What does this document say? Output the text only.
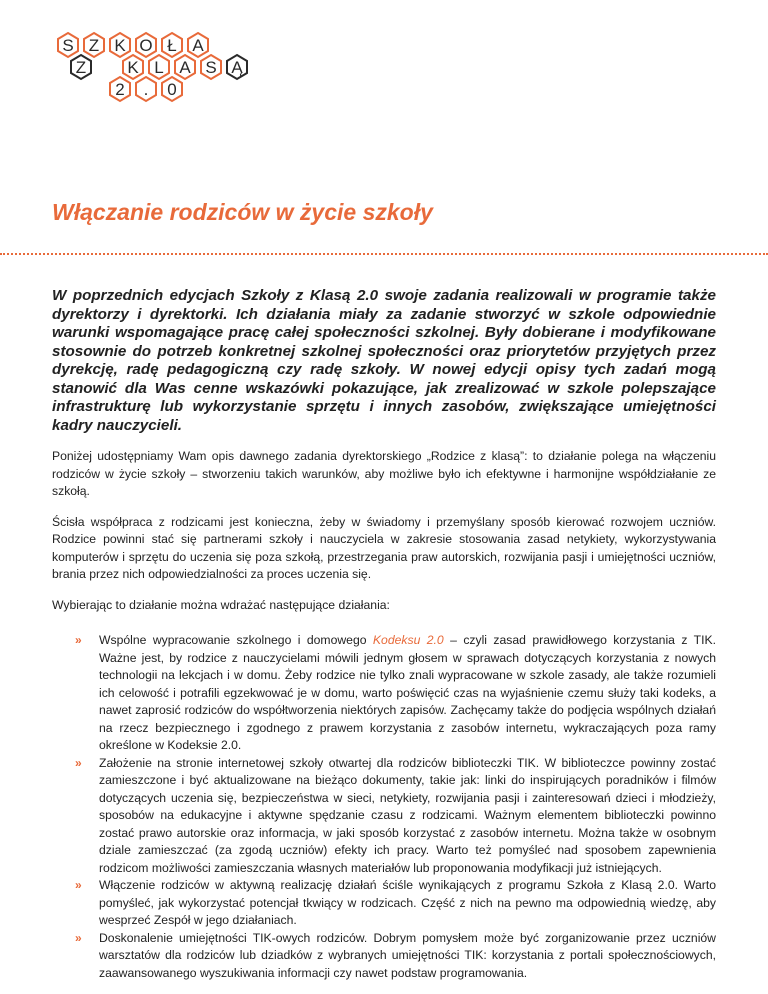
S Z K O Ł A
Z K L A S Ą
2 . 0
Włączanie rodziców w życie szkoły

W poprzednich edycjach Szkoły z Klasą 2.0 swoje zadania realizowali w programie także dyrektorzy i dyrektorki. Ich działania miały za zadanie stworzyć w szkole odpowiednie warunki wspomagające pracę całej społeczności szkolnej. Były dobierane i modyfikowane stosownie do potrzeb konkretnej szkolnej społeczności oraz priorytetów przyjętych przez dyrekcję, radę pedagogiczną czy radę szkoły. W nowej edycji opisy tych zadań mogą stanowić dla Was cenne wskazówki pokazujące, jak zrealizować w szkole polepszające infrastrukturę lub wykorzystanie sprzętu i innych zasobów, zwiększające umiejętności kadry nauczycieli.

Poniżej udostępniamy Wam opis dawnego zadania dyrektorskiego „Rodzice z klasą”: to działanie polega na włączeniu rodziców w życie szkoły – stworzeniu takich warunków, aby możliwe było ich efektywne i harmonijne współdziałanie ze szkołą.

Ścisła współpraca z rodzicami jest konieczna, żeby w świadomy i przemyślany sposób kierować rozwojem uczniów. Rodzice powinni stać się partnerami szkoły i nauczyciela w zakresie stosowania zasad netykiety, wykorzystywania komputerów i sprzętu do uczenia się poza szkołą, przestrzegania praw autorskich, rozwijania pasji i umiejętności uczniów, brania przez nich odpowiedzialności za proces uczenia się.

Wybierając to działanie można wdrażać następujące działania:

» Wspólne wypracowanie szkolnego i domowego Kodeksu 2.0 – czyli zasad prawidłowego korzystania z TIK. Ważne jest, by rodzice z nauczycielami mówili jednym głosem w sprawach dotyczących korzystania z nowych technologii na lekcjach i w domu. Żeby rodzice nie tylko znali wypracowane w szkole zasady, ale także rozumieli ich celowość i potrafili egzekwować je w domu, warto poświęcić czas na wyjaśnienie czemu służy taki kodeks, a nawet zaprosić rodziców do współtworzenia niektórych zapisów. Zachęcamy także do podjęcia wspólnych działań na rzecz bezpiecznego i zgodnego z prawem korzystania z zasobów internetu, wykraczających poza ramy określone w Kodeksie 2.0.
» Założenie na stronie internetowej szkoły otwartej dla rodziców biblioteczki TIK. W biblioteczce powinny zostać zamieszczone i być aktualizowane na bieżąco dokumenty, takie jak: linki do inspirujących poradników i filmów dotyczących uczenia się, bezpieczeństwa w sieci, netykiety, rozwijania pasji i zainteresowań dzieci i młodzieży, sposobów na edukacyjne i aktywne spędzanie czasu z rodzicami. Ważnym elementem biblioteczki powinno zostać prawo autorskie oraz informacja, w jaki sposób korzystać z zasobów internetu. Można także w osobnym dziale zamieszczać (za zgodą uczniów) efekty ich pracy. Warto też pomyśleć nad sposobem zapewnienia rodzicom możliwości zamieszczania własnych materiałów lub proponowania modyfikacji już istniejących.
» Włączenie rodziców w aktywną realizację działań ściśle wynikających z programu Szkoła z Klasą 2.0. Warto pomyśleć, jak wykorzystać potencjał tkwiący w rodzicach. Część z nich na pewno ma odpowiednią wiedzę, aby wesprzeć Zespół w jego działaniach.
» Doskonalenie umiejętności TIK-owych rodziców. Dobrym pomysłem może być zorganizowanie przez uczniów warsztatów dla rodziców lub dziadków z wybranych umiejętności TIK: korzystania z portali społecznościowych, zaawansowanego wyszukiwania informacji czy nawet podstaw programowania.
